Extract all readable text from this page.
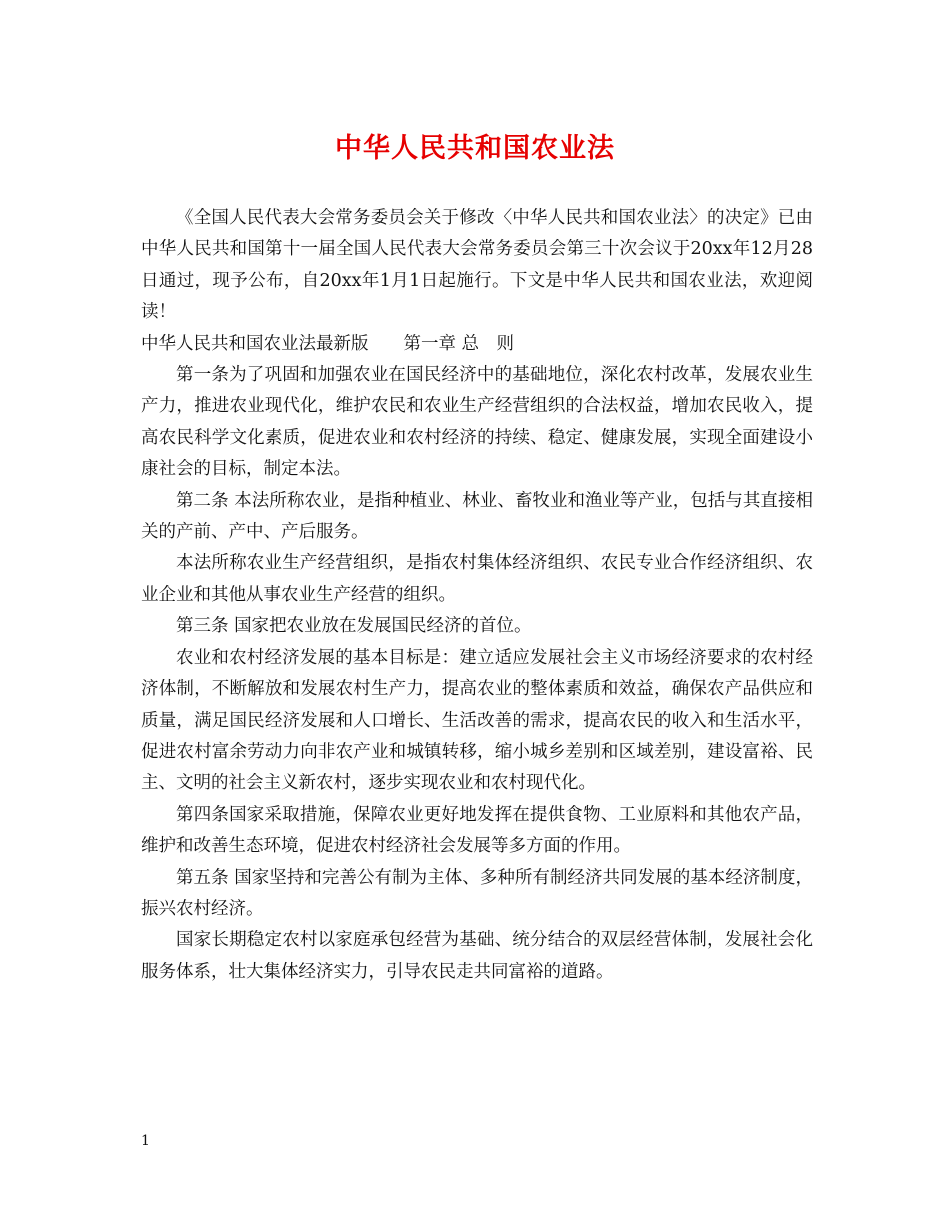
中华人民共和国农业法

《全国人民代表大会常务委员会关于修改〈中华人民共和国农业法〉的决定》已由中华人民共和国第十一届全国人民代表大会常务委员会第三十次会议于20xx年12月28日通过，现予公布，自20xx年1月1日起施行。下文是中华人民共和国农业法，欢迎阅读！

中华人民共和国农业法最新版　　第一章 总　则

第一条为了巩固和加强农业在国民经济中的基础地位，深化农村改革，发展农业生产力，推进农业现代化，维护农民和农业生产经营组织的合法权益，增加农民收入，提高农民科学文化素质，促进农业和农村经济的持续、稳定、健康发展，实现全面建设小康社会的目标，制定本法。

第二条 本法所称农业，是指种植业、林业、畜牧业和渔业等产业，包括与其直接相关的产前、产中、产后服务。

本法所称农业生产经营组织，是指农村集体经济组织、农民专业合作经济组织、农业企业和其他从事农业生产经营的组织。

第三条 国家把农业放在发展国民经济的首位。

农业和农村经济发展的基本目标是：建立适应发展社会主义市场经济要求的农村经济体制，不断解放和发展农村生产力，提高农业的整体素质和效益，确保农产品供应和质量，满足国民经济发展和人口增长、生活改善的需求，提高农民的收入和生活水平，促进农村富余劳动力向非农产业和城镇转移，缩小城乡差别和区域差别，建设富裕、民主、文明的社会主义新农村，逐步实现农业和农村现代化。

第四条国家采取措施，保障农业更好地发挥在提供食物、工业原料和其他农产品，维护和改善生态环境，促进农村经济社会发展等多方面的作用。

第五条 国家坚持和完善公有制为主体、多种所有制经济共同发展的基本经济制度，振兴农村经济。

国家长期稳定农村以家庭承包经营为基础、统分结合的双层经营体制，发展社会化服务体系，壮大集体经济实力，引导农民走共同富裕的道路。

1
